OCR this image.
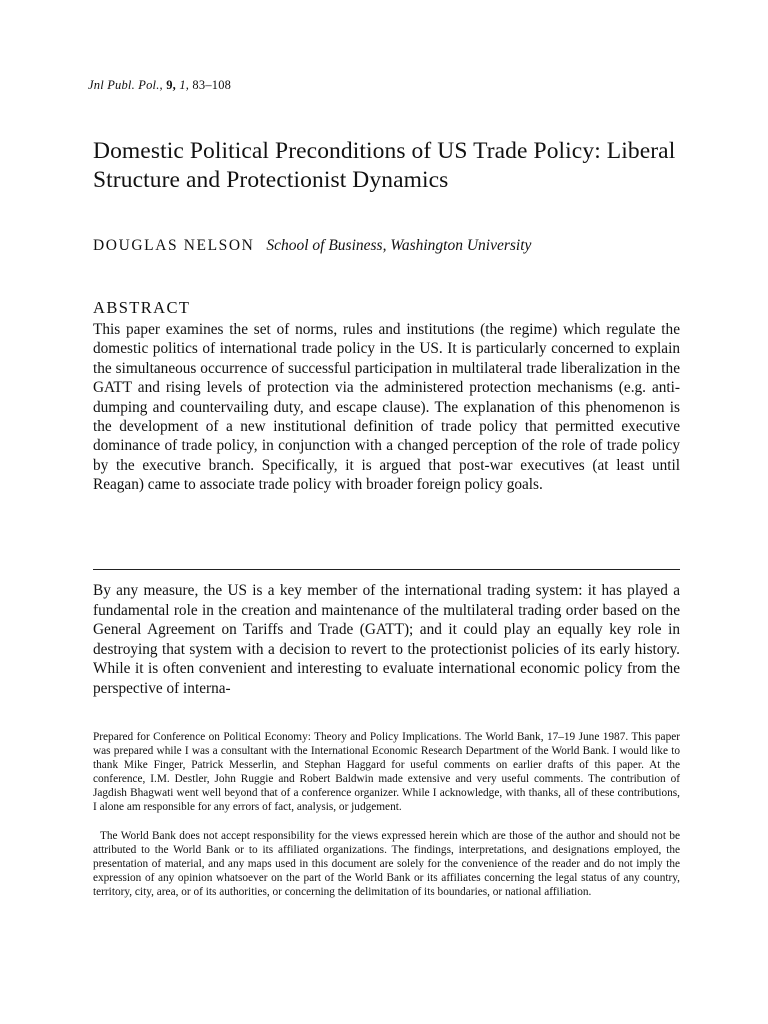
Jnl Publ. Pol., 9, 1, 83–108
Domestic Political Preconditions of US Trade Policy: Liberal Structure and Protectionist Dynamics
DOUGLAS NELSON School of Business, Washington University
ABSTRACT

This paper examines the set of norms, rules and institutions (the regime) which regulate the domestic politics of international trade policy in the US. It is particularly concerned to explain the simultaneous occurrence of successful participation in multilateral trade liberalization in the GATT and rising levels of protection via the administered protection mechanisms (e.g. anti-dumping and countervailing duty, and escape clause). The explanation of this phenomenon is the development of a new institutional definition of trade policy that permitted executive dominance of trade policy, in conjunction with a changed perception of the role of trade policy by the executive branch. Specifically, it is argued that post-war executives (at least until Reagan) came to associate trade policy with broader foreign policy goals.

By any measure, the US is a key member of the international trading system: it has played a fundamental role in the creation and maintenance of the multilateral trading order based on the General Agreement on Tariffs and Trade (GATT); and it could play an equally key role in destroying that system with a decision to revert to the protectionist policies of its early history. While it is often convenient and interesting to evaluate international economic policy from the perspective of interna-

Prepared for Conference on Political Economy: Theory and Policy Implications. The World Bank, 17–19 June 1987. This paper was prepared while I was a consultant with the International Economic Research Department of the World Bank. I would like to thank Mike Finger, Patrick Messerlin, and Stephan Haggard for useful comments on earlier drafts of this paper. At the conference, I.M. Destler, John Ruggie and Robert Baldwin made extensive and very useful comments. The contribution of Jagdish Bhagwati went well beyond that of a conference organizer. While I acknowledge, with thanks, all of these contributions, I alone am responsible for any errors of fact, analysis, or judgement.

The World Bank does not accept responsibility for the views expressed herein which are those of the author and should not be attributed to the World Bank or to its affiliated organizations. The findings, interpretations, and designations employed, the presentation of material, and any maps used in this document are solely for the convenience of the reader and do not imply the expression of any opinion whatsoever on the part of the World Bank or its affiliates concerning the legal status of any country, territory, city, area, or of its authorities, or concerning the delimitation of its boundaries, or national affiliation.
